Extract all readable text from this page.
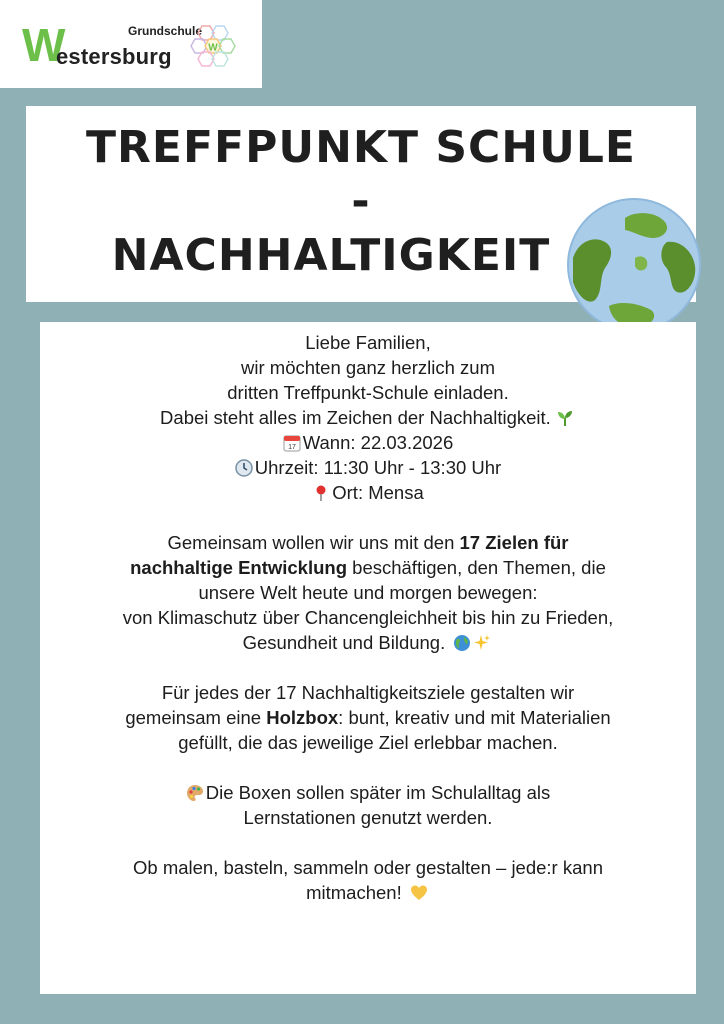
Grundschule
W
estersburg	W
TREFFPUNKT SCHULE
-
NACHHALTIGKEIT

Liebe Familien,

wir möchten ganz herzlich zum

dritten Treffpunkt-Schule einladen.

Dabei steht alles im Zeichen der Nachhaltigkeit.

17 Wann: 22.03.2026

Uhrzeit: 11:30 Uhr - 13:30 Uhr

Ort: Mensa

Gemeinsam wollen wir uns mit den 17 Zielen für

nachhaltige Entwicklung beschäftigen, den Themen, die

unsere Welt heute und morgen bewegen:

von Klimaschutz über Chancengleichheit bis hin zu Frieden,

Gesundheit und Bildung.

Für jedes der 17 Nachhaltigkeitsziele gestalten wir

gemeinsam eine Holzbox: bunt, kreativ und mit Materialien

gefüllt, die das jeweilige Ziel erlebbar machen.

Die Boxen sollen später im Schulalltag als

Lernstationen genutzt werden.

Ob malen, basteln, sammeln oder gestalten – jede:r kann

mitmachen!
